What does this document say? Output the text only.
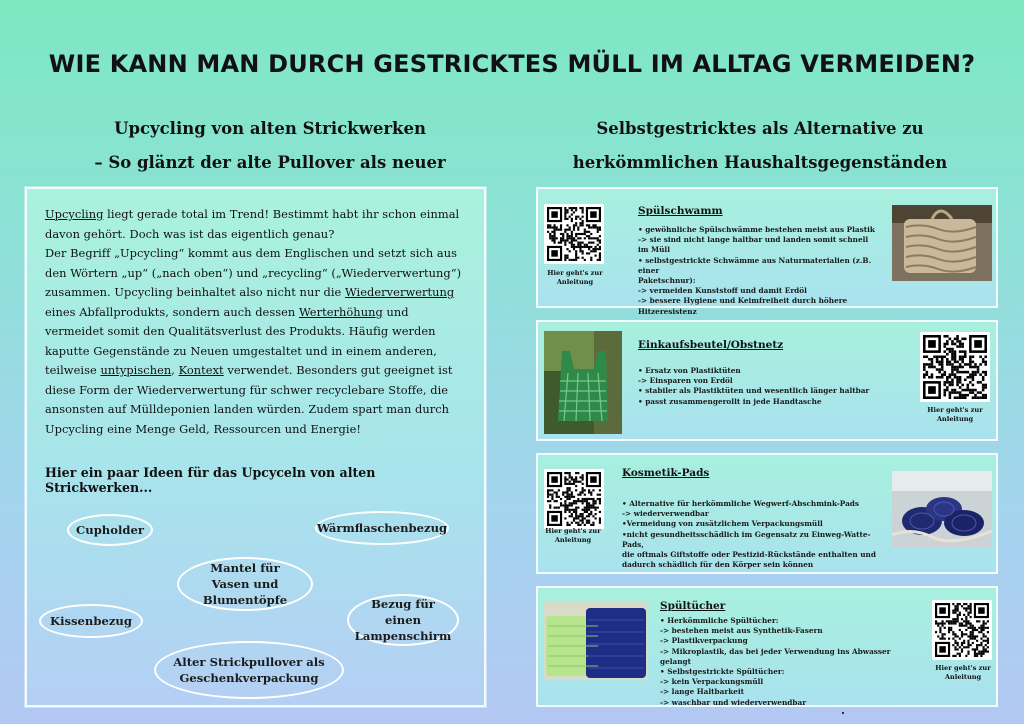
WIE KANN MAN DURCH GESTRICKTES MÜLL IM ALLTAG VERMEIDEN?
Upcycling von alten Strickwerken
– So glänzt der alte Pullover als neuer
Selbstgestricktes als Alternative zu
herkömmlichen Haushaltsgegenständen
Upcycling liegt gerade total im Trend! Bestimmt habt ihr schon einmal davon gehört. Doch was ist das eigentlich genau?
Der Begriff „Upcycling“ kommt aus dem Englischen und setzt sich aus den Wörtern „up“ („nach oben“) und „recycling“ („Wiederverwertung“) zusammen. Upcycling beinhaltet also nicht nur die Wiederverwertung eines Abfallprodukts, sondern auch dessen Werterhöhung und vermeidet somit den Qualitätsverlust des Produkts. Häufig werden kaputte Gegenstände zu Neuen umgestaltet und in einem anderen, teilweise untypischen, Kontext verwendet. Besonders gut geeignet ist diese Form der Wiederverwertung für schwer recyclebare Stoffe, die ansonsten auf Mülldeponien landen würden. Zudem spart man durch Upcycling eine Menge Geld, Ressourcen und Energie!
Hier ein paar Ideen für das Upcyceln von alten Strickwerken...
Cupholder	Wärmflaschenbezug
Mantel für Vasen und Blumentöpfe
Kissenbezug
Bezug für einen Lampenschirm
Alter Strickpullover als Geschenkverpackung
Hier geht's zur Anleitung
Spülschwamm
• gewöhnliche Spülschwämme bestehen meist aus Plastik
-> sie sind nicht lange haltbar und landen somit schnell
im Müll
• selbstgestrickte Schwämme aus Naturmaterialien (z.B. einer
Paketschnur):
-> vermeiden Kunststoff und damit Erdöl
-> bessere Hygiene und Keimfreiheit durch höhere
Hitzeresistenz
Einkaufsbeutel/Obstnetz
• Ersatz von Plastiktüten
-> Einsparen von Erdöl
• stabiler als Plastiktüten und wesentlich länger haltbar
• passt zusammengerollt in jede Handtasche
Hier geht's zur Anleitung
Hier geht's zur Anleitung
Kosmetik-Pads
• Alternative für herkömmliche Wegwerf-Abschmink-Pads
-> wiederverwendbar
•Vermeidung von zusätzlichem Verpackungsmüll
•nicht gesundheitsschädlich im Gegensatz zu Einweg-Watte-Pads,
die oftmals Giftstoffe oder Pestizid-Rückstände enthalten und
dadurch schädlich für den Körper sein können
Spültücher
• Herkömmliche Spültücher:
-> bestehen meist aus Synthetik-Fasern
-> Plastikverpackung
-> Mikroplastik, das bei jeder Verwendung ins Abwasser gelangt
• Selbstgestrickte Spültücher:
-> kein Verpackungsmüll
-> lange Haltbarkeit
-> waschbar und wiederverwendbar
Hier geht's zur Anleitung
